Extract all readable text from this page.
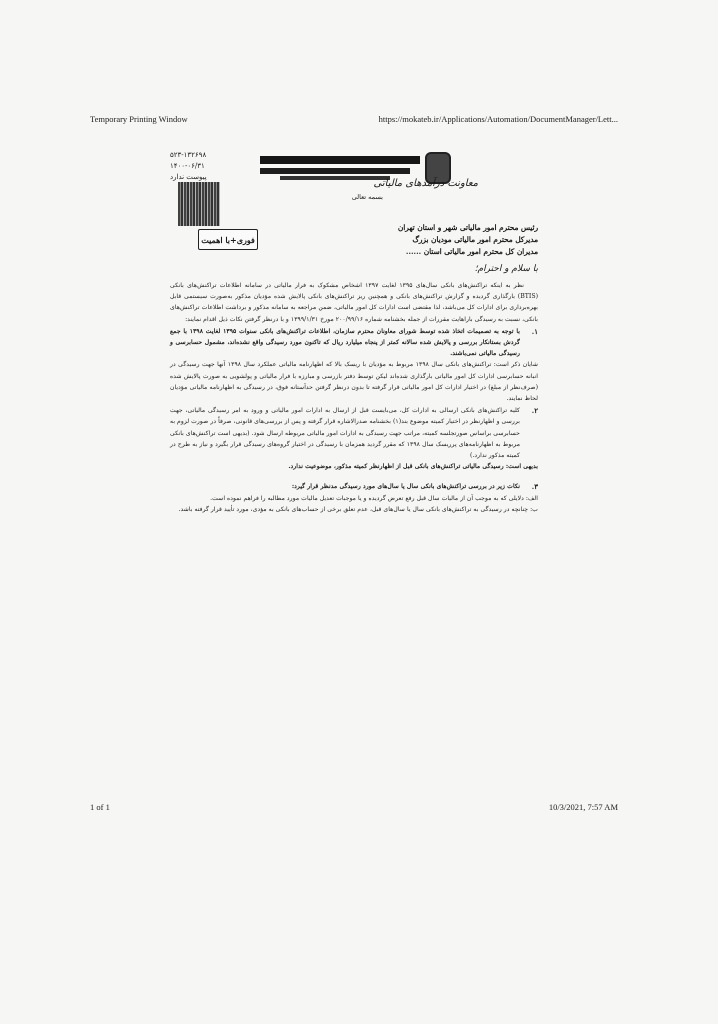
Temporary Printing Window	https://mokateb.ir/Applications/Automation/DocumentManager/Lett...
۵۲۳-۱۳۲۶۹۸
۱۴۰۰-۰۶/۳۱
پیوست ندارد
معاونت درآمدهای مالیاتی
بسمه تعالی
فوری+با اهمیت
رئیس محترم امور مالیاتی شهر و استان تهران
مدیرکل محترم امور مالیاتی مودیان بزرگ
مدیران کل محترم امور مالیاتی استان ......
با سلام و احترام؛

نظر به اینکه تراکنش‌های بانکی سال‌های ۱۳۹۵ لغایت ۱۳۹۷ اشخاص مشکوک به فرار مالیاتی در سامانه اطلاعات تراکنش‌های بانکی (BTIS) بارگذاری گردیده و گزارش تراکنش‌های بانکی و همچنین ریز تراکنش‌های بانکی پالایش شده مؤدیان مذکور به‌صورت سیستمی قابل بهره‌برداری برای ادارات کل می‌باشد، لذا مقتضی است ادارات کل امور مالیاتی، ضمن مراجعه به سامانه مذکور و برداشت اطلاعات تراکنش‌های بانکی، نسبت به رسیدگی باراهایت مقررات از جمله بخشنامه شماره ۲۰۰/۹۹/۱۶ مورخ ۱۳۹۹/۱/۳۱ و با درنظر گرفتن نکات ذیل اقدام نمایند:

۱.

با توجه به تصمیمات اتخاذ شده توسط شورای معاونان محترم سازمان، اطلاعات تراکنش‌های بانکی سنوات ۱۳۹۵ لغایت ۱۳۹۸ با جمع گردش بستانکار بررسی و پالایش شده سالانه کمتر از پنجاه میلیارد ریال که تاکنون مورد رسیدگی واقع نشده‌اند، مشمول حسابرسی و رسیدگی مالیاتی نمی‌باشند.

شایان ذکر است: تراکنش‌های بانکی سال ۱۳۹۸ مربوط به مؤدیان با ریسک بالا که اظهارنامه مالیاتی عملکرد سال ۱۳۹۸ آنها جهت رسیدگی در انبانه حسابرسی ادارات کل امور مالیاتی بارگذاری شده‌اند لیکن توسط دفتر بازرسی و مبارزه با فرار مالیاتی و پولشویی به صورت پالایش شده (صرف‌نظر از مبلغ) در اختیار ادارات کل امور مالیاتی قرار گرفته تا بدون درنظر گرفتن حدآستانه فوق، در رسیدگی به اظهارنامه مالیاتی مؤدیان لحاظ نمایند.

۲.

کلیه تراکنش‌های بانکی ارسالی به ادارات کل، می‌بایست قبل از ارسال به ادارات امور مالیاتی و ورود به امر رسیدگی مالیاتی، جهت بررسی و اظهارنظر در اختیار کمیته موضوع بند(۱) بخشنامه صدرالاشاره قرار گرفته و پس از بررسی‌های قانونی، صرفاً در صورت لزوم به حسابرسی براساس صورتجلسه کمیته، مراتب جهت رسیدگی به ادارات امور مالیاتی مربوطه ارسال شود. (بدیهی است تراکنش‌های بانکی مربوط به اظهارنامه‌های پرریسک سال ۱۳۹۸ که مقرر گردید همزمان با رسیدگی در اختیار گروه‌های رسیدگی قرار بگیرد و نیاز به طرح در کمیته مذکور ندارد.)

بدیهی است: رسیدگی مالیاتی تراکنش‌های بانکی قبل از اظهارنظر کمیته مذکور، موضوعیت ندارد.

۳.

نکات زیر در بررسی تراکنش‌های بانکی سال یا سال‌های مورد رسیدگی مدنظر قرار گیرد:

الف: دلایلی که به موجب آن از مالیات سال قبل رفع تعرض گردیده و یا موجبات تعدیل مالیات مورد مطالبه را فراهم نموده است.

ب: چنانچه در رسیدگی به تراکنش‌های بانکی سال یا سال‌های قبل، عدم تعلق برخی از حساب‌های بانکی به مؤدی، مورد تأیید قرار گرفته باشد.

1 of 1	10/3/2021, 7:57 AM
